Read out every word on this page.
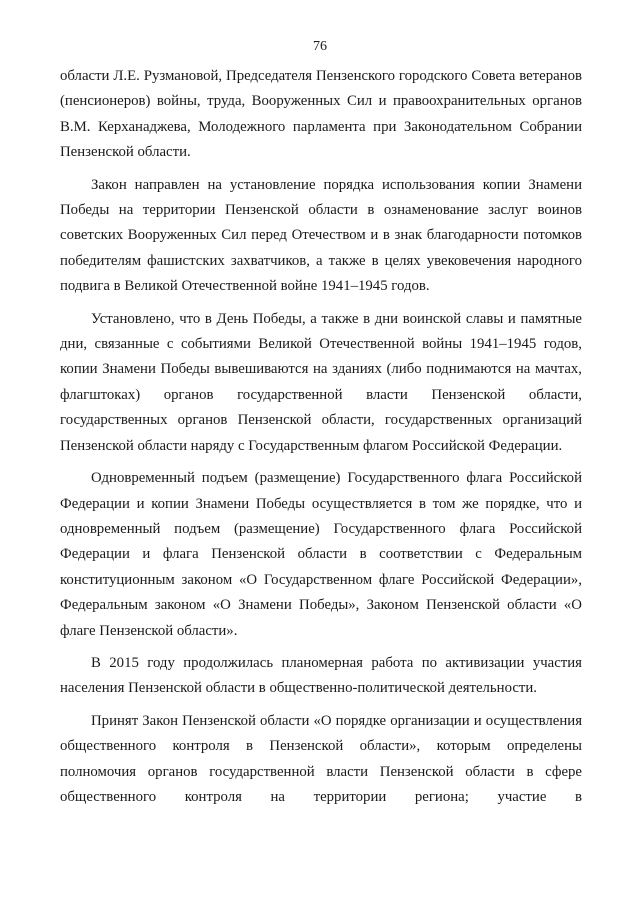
76

области Л.Е. Рузмановой, Председателя Пензенского городского Совета ветеранов (пенсионеров) войны, труда, Вооруженных Сил и правоохранительных органов В.М. Керханаджева, Молодежного парламента при Законодательном Собрании Пензенской области.

Закон направлен на установление порядка использования копии Знамени Победы на территории Пензенской области в ознаменование заслуг воинов советских Вооруженных Сил перед Отечеством и в знак благодарности потомков победителям фашистских захватчиков, а также в целях увековечения народного подвига в Великой Отечественной войне 1941–1945 годов.

Установлено, что в День Победы, а также в дни воинской славы и памятные дни, связанные с событиями Великой Отечественной войны 1941–1945 годов, копии Знамени Победы вывешиваются на зданиях (либо поднимаются на мачтах, флагштоках) органов государственной власти Пензенской области, государственных органов Пензенской области, государственных организаций Пензенской области наряду с Государственным флагом Российской Федерации.

Одновременный подъем (размещение) Государственного флага Российской Федерации и копии Знамени Победы осуществляется в том же порядке, что и одновременный подъем (размещение) Государственного флага Российской Федерации и флага Пензенской области в соответствии с Федеральным конституционным законом «О Государственном флаге Российской Федерации», Федеральным законом «О Знамени Победы», Законом Пензенской области «О флаге Пензенской области».

В 2015 году продолжилась планомерная работа по активизации участия населения Пензенской области в общественно-политической деятельности.

Принят Закон Пензенской области «О порядке организации и осуществления общественного контроля в Пензенской области», которым определены полномочия органов государственной власти Пензенской области в сфере общественного контроля на территории региона; участие в
